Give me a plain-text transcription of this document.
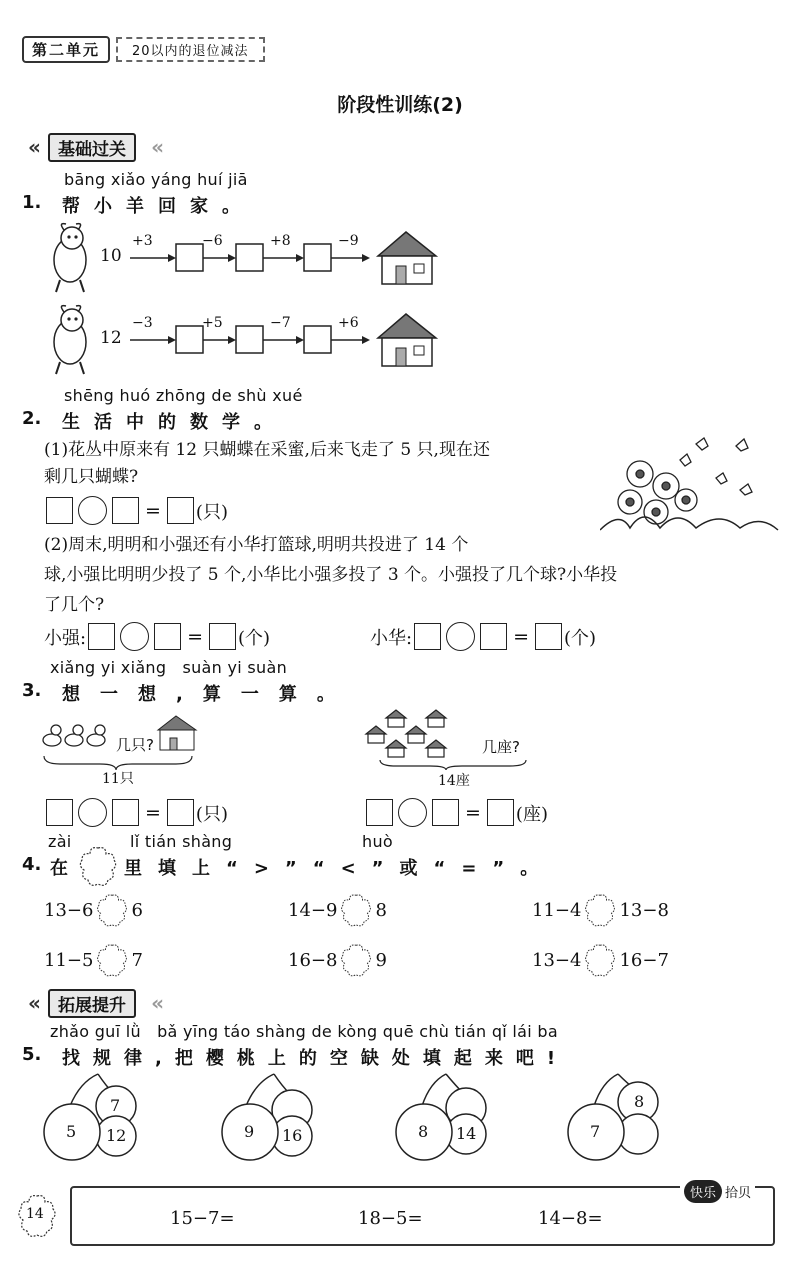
第二单元	20以内的退位减法
阶段性训练(2)
« 基础过关
«
bāng xiǎo yáng huí jiā
1. 帮小羊回家。
10
+3	−6	+8	−9
12
−3	+5	−7	+6
shēng huó zhōng de shù xué
2. 生活中的数学。
(1)花丛中原来有 12 只蝴蝶在采蜜,后来飞走了 5 只,现在还
剩几只蝴蝶?
= (只)
(2)周末,明明和小强还有小华打篮球,明明共投进了 14 个
球,小强比明明少投了 5 个,小华比小强多投了 3 个。小强投了几个球?小华投
了几个?
小强:	= (个)	小华:	= (个)
xiǎng yi xiǎng   suàn yi suàn
3. 想一想,算一算。
几只?
11只
几座?
14座
= (只)	= (座)
zài	lǐ tián shàng	huò
4. 在	里填上“>”“<”或“=”。
13−6 6	14−9 8	11−4 13−8
11−5 7	16−8 9	13−4 16−7
« 拓展提升
«
zhǎo guī lǜ   bǎ yīng táo shàng de kòng quē chù tián qǐ lái ba
5. 找规律,把樱桃上的空缺处填起来吧!
7
5 12	9 16	8 14
8
7
14
快乐 拾贝
15−7=	18−5=	14−8=
